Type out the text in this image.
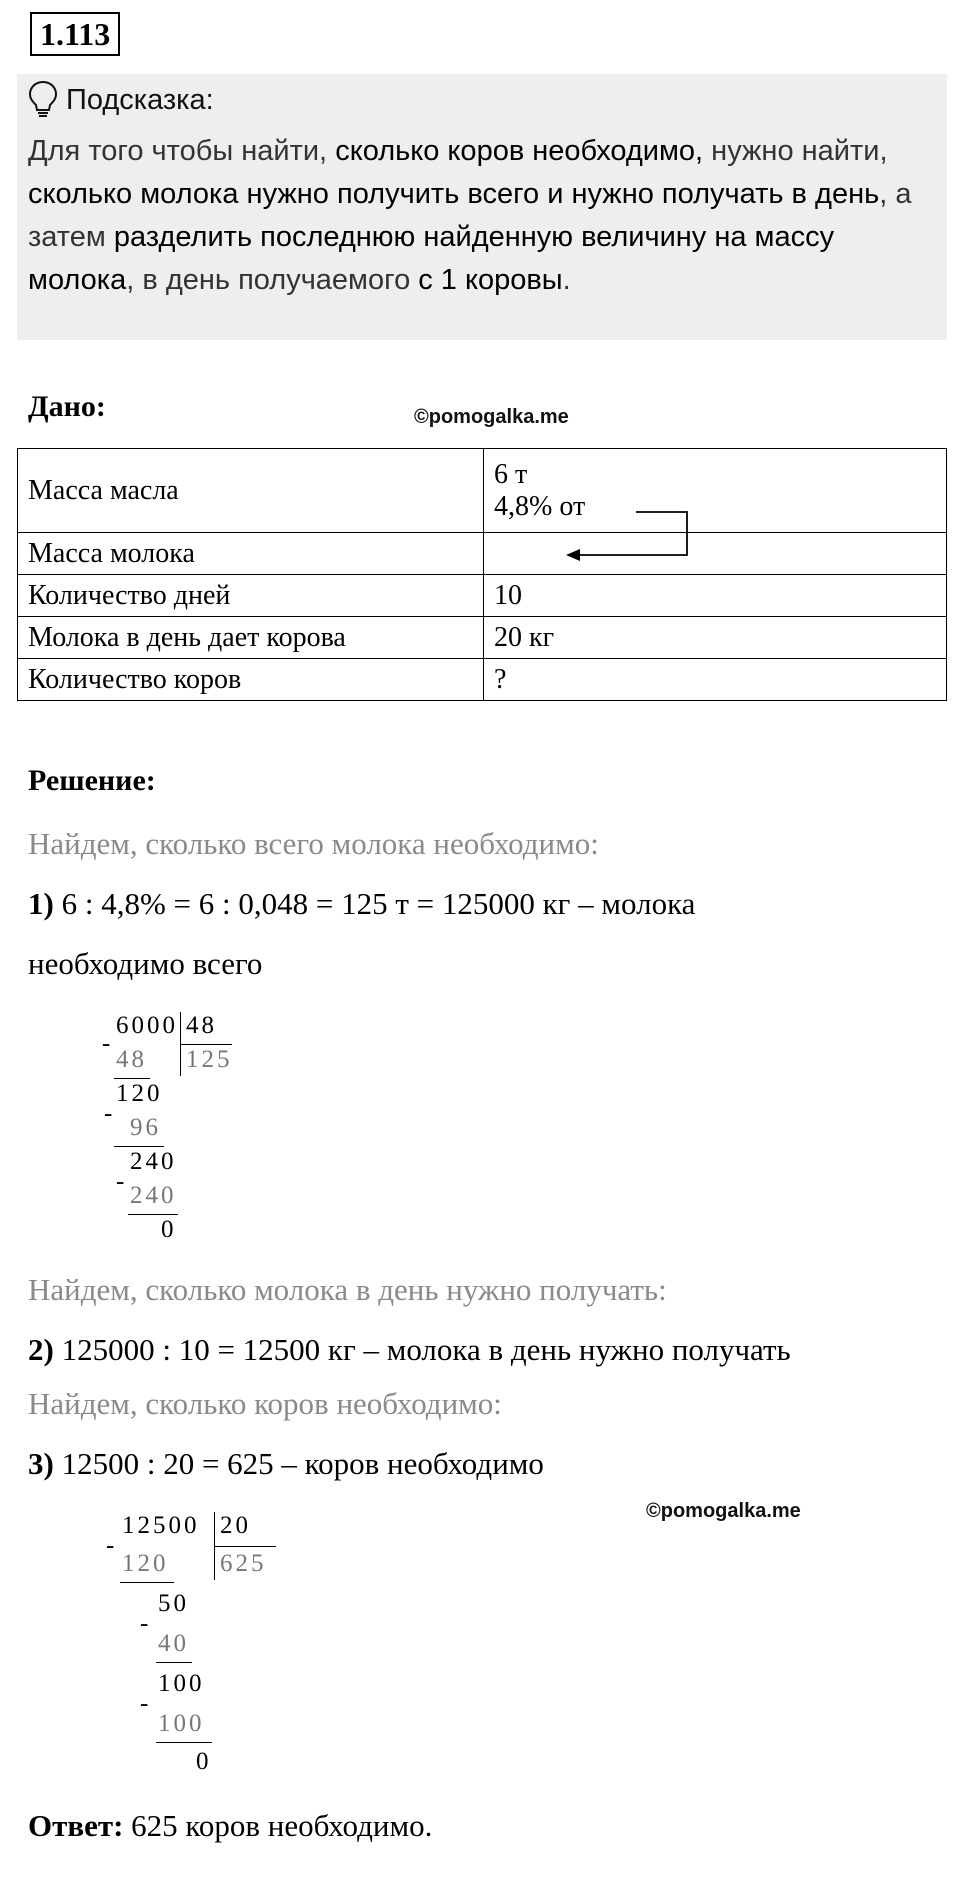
1.113
Подсказка:
Для того чтобы найти, сколько коров необходимо, нужно найти, сколько молока нужно получить всего и нужно получать в день, а затем разделить последнюю найденную величину на массу молока, в день получаемого с 1 коровы.
Дано:	©pomogalka.me
Масса масла	6 т
4,8% от

Масса молока	
Количество дней	10
Молока в день дает корова	20 кг
Количество коров	?
Решение:
Найдем, сколько всего молока необходимо:
1) 6 : 4,8% = 6 : 0,048 = 125 т = 125000 кг – молока
необходимо всего
6000 48
125
-
48
120
-
96
240
-
240
0
Найдем, сколько молока в день нужно получать:
2) 125000 : 10 = 12500 кг – молока в день нужно получать
Найдем, сколько коров необходимо:
3) 12500 : 20 = 625 – коров необходимо
©pomogalka.me
12500 20
625
-
120
50
-
40
100
-
100
0
Ответ: 625 коров необходимо.
